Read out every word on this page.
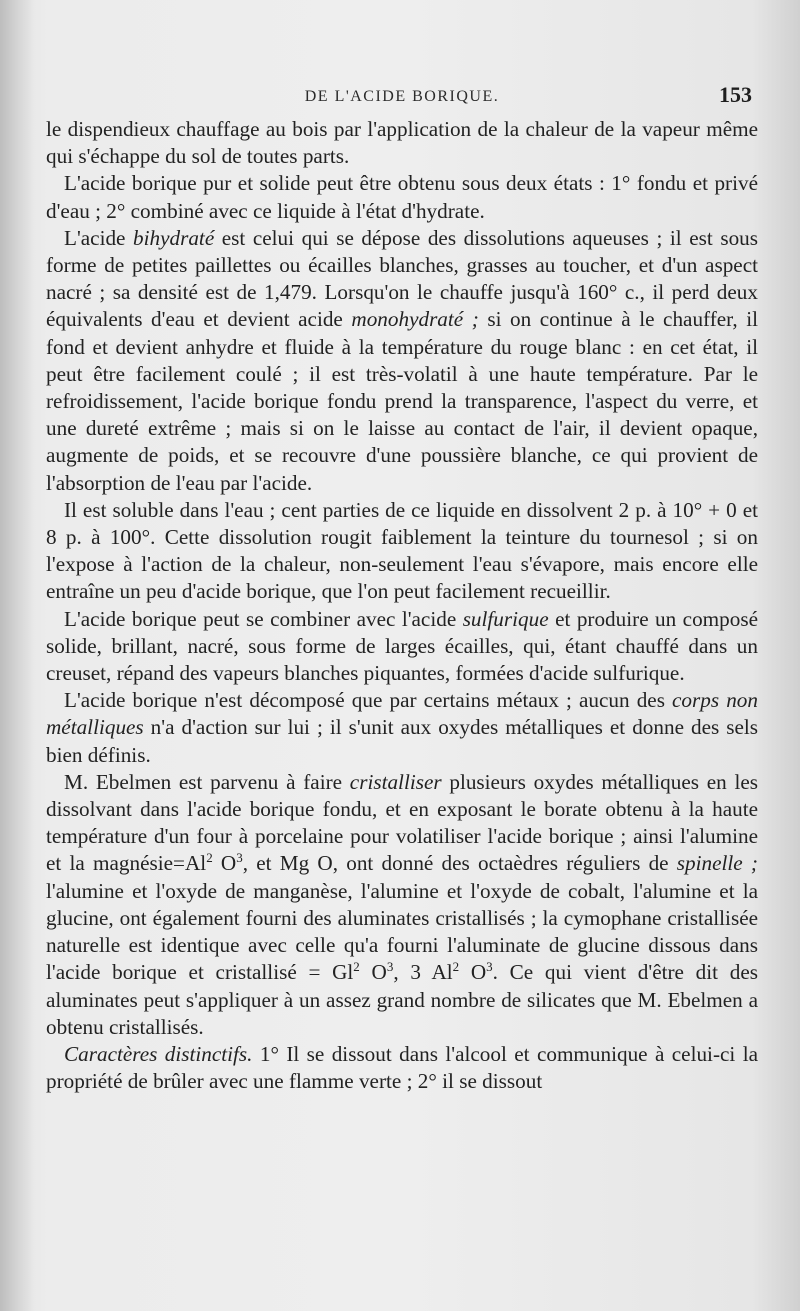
DE L'ACIDE BORIQUE.	153

le dispendieux chauffage au bois par l'application de la chaleur de la vapeur même qui s'échappe du sol de toutes parts.

L'acide borique pur et solide peut être obtenu sous deux états : 1° fondu et privé d'eau ; 2° combiné avec ce liquide à l'état d'hydrate.

L'acide bihydraté est celui qui se dépose des dissolutions aqueuses ; il est sous forme de petites paillettes ou écailles blanches, grasses au toucher, et d'un aspect nacré ; sa densité est de 1,479. Lorsqu'on le chauffe jusqu'à 160° c., il perd deux équivalents d'eau et devient acide monohydraté ; si on continue à le chauffer, il fond et devient anhydre et fluide à la température du rouge blanc : en cet état, il peut être facilement coulé ; il est très-volatil à une haute température. Par le refroidissement, l'acide borique fondu prend la transparence, l'aspect du verre, et une dureté extrême ; mais si on le laisse au contact de l'air, il devient opaque, augmente de poids, et se recouvre d'une poussière blanche, ce qui provient de l'absorption de l'eau par l'acide.

Il est soluble dans l'eau ; cent parties de ce liquide en dissolvent 2 p. à 10° + 0 et 8 p. à 100°. Cette dissolution rougit faiblement la teinture du tournesol ; si on l'expose à l'action de la chaleur, non-seulement l'eau s'évapore, mais encore elle entraîne un peu d'acide borique, que l'on peut facilement recueillir.

L'acide borique peut se combiner avec l'acide sulfurique et produire un composé solide, brillant, nacré, sous forme de larges écailles, qui, étant chauffé dans un creuset, répand des vapeurs blanches piquantes, formées d'acide sulfurique.

L'acide borique n'est décomposé que par certains métaux ; aucun des corps non métalliques n'a d'action sur lui ; il s'unit aux oxydes métalliques et donne des sels bien définis.

M. Ebelmen est parvenu à faire cristalliser plusieurs oxydes métalliques en les dissolvant dans l'acide borique fondu, et en exposant le borate obtenu à la haute température d'un four à porcelaine pour volatiliser l'acide borique ; ainsi l'alumine et la $magnésie=Al^2$ $O^3$, et Mg O, ont donné des octaèdres réguliers de spinelle ; l'alumine et l'oxyde de manganèse, l'alumine et l'oxyde de cobalt, l'alumine et la glucine, ont également fourni des aluminates cristallisés ; la cymophane cristallisée naturelle est identique avec celle qu'a fourni l'aluminate de glucine dissous dans l'acide borique et cristallisé = $Gl^2$ $O^3$, 3 Al$^2$ $O^3$. Ce qui vient d'être dit des aluminates peut s'appliquer à un assez grand nombre de silicates que M. Ebelmen a obtenu cristallisés.

Caractères distinctifs. 1° Il se dissout dans l'alcool et communique à celui-ci la propriété de brûler avec une flamme verte ; 2° il se dissout
